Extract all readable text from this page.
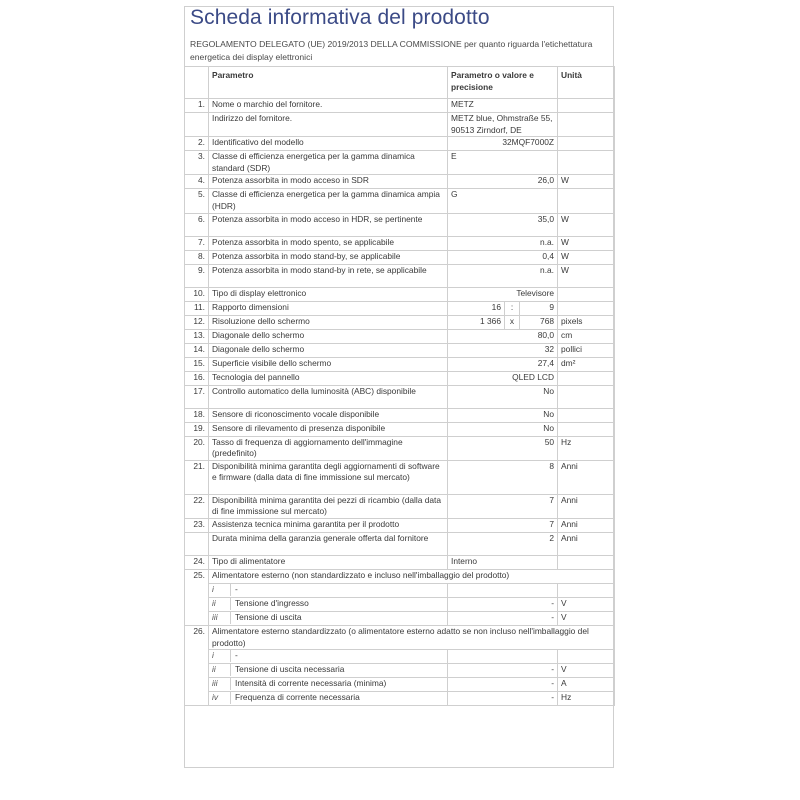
Scheda informativa del prodotto

REGOLAMENTO DELEGATO (UE) 2019/2013 DELLA COMMISSIONE per quanto riguarda l'etichettatura energetica dei display elettronici

	Parametro	Parametro o valore e precisione			Unità
1.	Nome o marchio del fornitore.	METZ			
	Indirizzo del fornitore.	METZ blue, Ohmstraße 55, 90513 Zirndorf, DE			
2.	Identificativo del modello	32MQF7000Z			
3.	Classe di efficienza energetica per la gamma dinamica standard (SDR)	E			
4.	Potenza assorbita in modo acceso in SDR	26,0			W
5.	Classe di efficienza energetica per la gamma dinamica ampia (HDR)	G			
6.	Potenza assorbita in modo acceso in HDR, se pertinente	35,0			W
7.	Potenza assorbita in modo spento, se applicabile	n.a.			W
8.	Potenza assorbita in modo stand-by, se applicabile	0,4			W
9.	Potenza assorbita in modo stand-by in rete, se applicabile	n.a.			W
10.	Tipo di display elettronico	Televisore			
11.	Rapporto dimensioni	16	:	9	
12.	Risoluzione dello schermo	1 366	x	768	pixels
13.	Diagonale dello schermo	80,0			cm
14.	Diagonale dello schermo	32			pollici
15.	Superficie visibile dello schermo	27,4			dm²
16.	Tecnologia del pannello	QLED LCD			
17.	Controllo automatico della luminosità (ABC) disponibile	No			
18.	Sensore di riconoscimento vocale disponibile	No			
19.	Sensore di rilevamento di presenza disponibile	No			
20.	Tasso di frequenza di aggiornamento dell'immagine (predefinito)	50			Hz
21.	Disponibilità minima garantita degli aggiornamenti di software e firmware (dalla data di fine immissione sul mercato)	8			Anni
22.	Disponibilità minima garantita dei pezzi di ricambio (dalla data di fine immissione sul mercato)	7			Anni
23.	Assistenza tecnica minima garantita per il prodotto	7			Anni
	Durata minima della garanzia generale offerta dal fornitore	2			Anni
24.	Tipo di alimentatore	Interno			
25.	Alimentatore esterno (non standardizzato e incluso nell'imballaggio del prodotto)				

	i -				

	ii Tensione d'ingresso	-			V

	iii Tensione di uscita	-			V
26.	Alimentatore esterno standardizzato (o alimentatore esterno adatto se non incluso nell'imballaggio del prodotto)				

	i -				

	ii Tensione di uscita necessaria	-			V

	iii Intensità di corrente necessaria (minima)	-			A

	iv Frequenza di corrente necessaria	-			Hz
